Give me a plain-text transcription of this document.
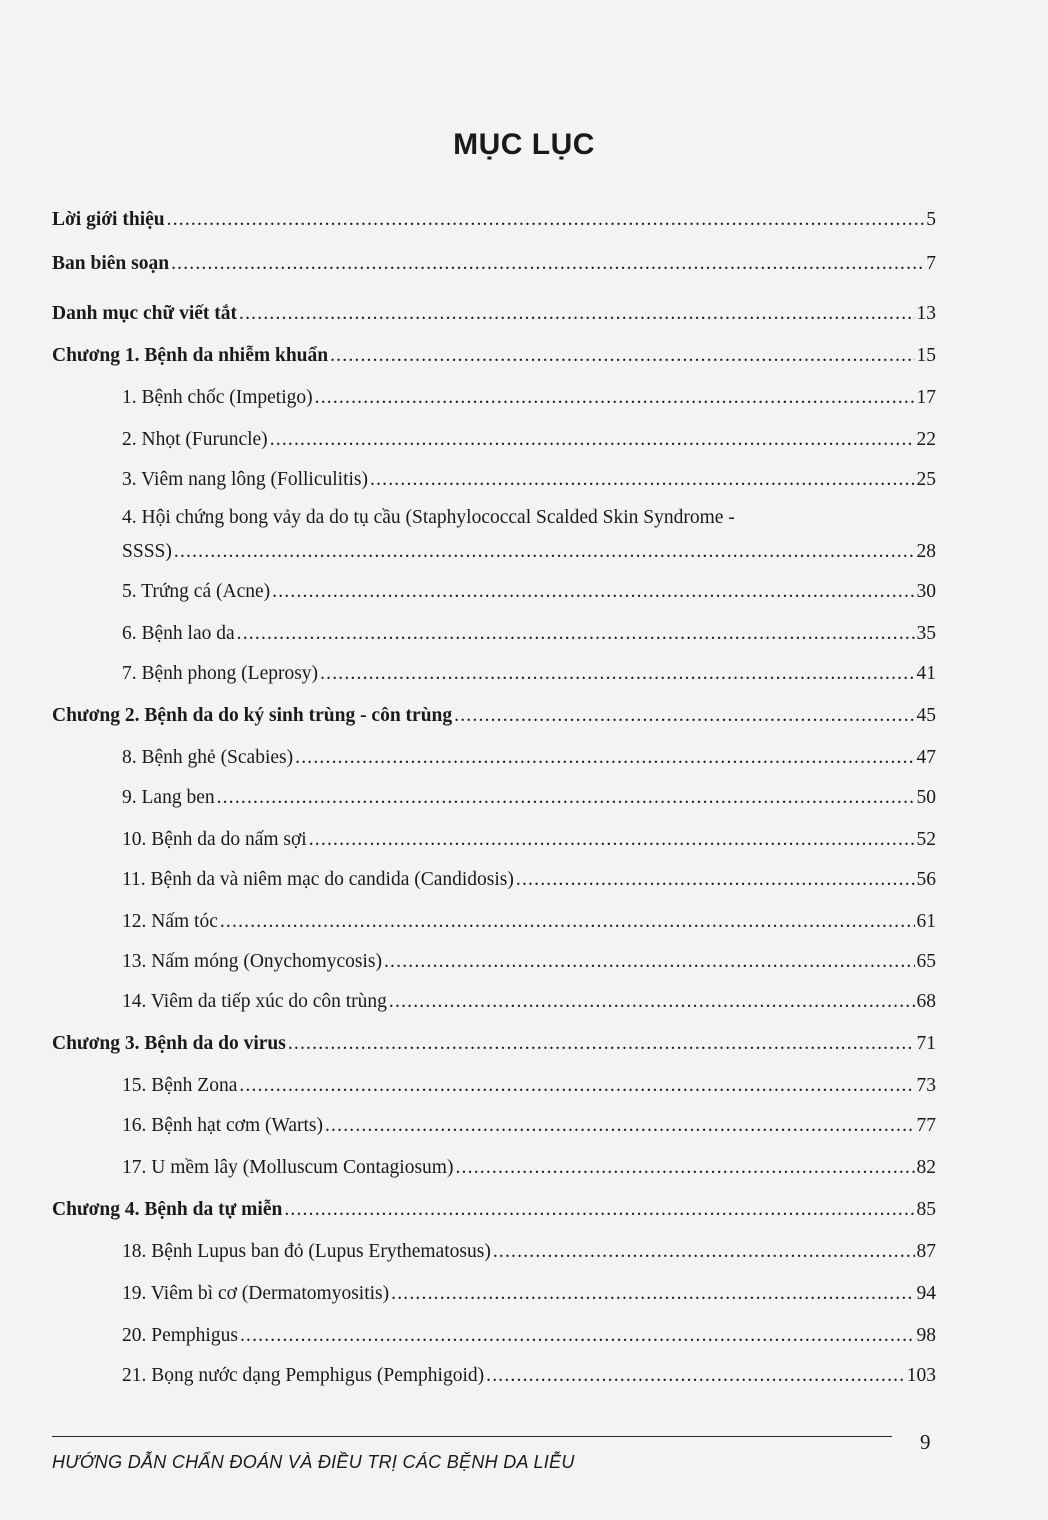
MỤC LỤC
Lời giới thiệu .....	5
Ban biên soạn .....	7
Danh mục chữ viết tắt .....	13
Chương 1. Bệnh da nhiễm khuẩn .....	15
1. Bệnh chốc (Impetigo) .....	17
2. Nhọt (Furuncle) .....	22
3. Viêm nang lông (Folliculitis) .....	25
4. Hội chứng bong vảy da do tụ cầu (Staphylococcal Scalded Skin Syndrome -
SSSS) .....	28
5. Trứng cá (Acne) .....	30
6. Bệnh lao da .....	35
7. Bệnh phong (Leprosy) .....	41
Chương 2. Bệnh da do ký sinh trùng - côn trùng .....	45
8. Bệnh ghẻ (Scabies) .....	47
9. Lang ben .....	50
10. Bệnh da do nấm sợi .....	52
11. Bệnh da và niêm mạc do candida (Candidosis) .....	56
12. Nấm tóc .....	61
13. Nấm móng (Onychomycosis) .....	65
14. Viêm da tiếp xúc do côn trùng .....	68
Chương 3. Bệnh da do virus .....	71
15. Bệnh Zona .....	73
16. Bệnh hạt cơm (Warts) .....	77
17. U mềm lây (Molluscum Contagiosum) .....	82
Chương 4. Bệnh da tự miễn .....	85
18. Bệnh Lupus ban đỏ (Lupus Erythematosus) .....	87
19. Viêm bì cơ (Dermatomyositis) .....	94
20. Pemphigus .....	98
21. Bọng nước dạng Pemphigus (Pemphigoid) .....	103
HƯỚNG DẪN CHẨN ĐOÁN VÀ ĐIỀU TRỊ CÁC BỆNH DA LIỄU
9
